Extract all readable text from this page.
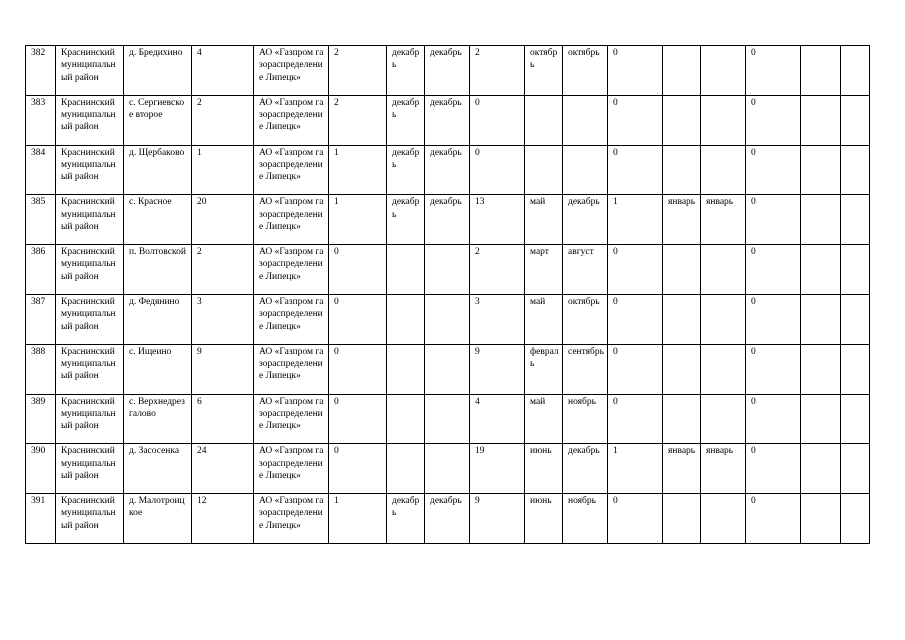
382	Краснинский муниципальный район	д. Бредихино	4	АО «Газпром газораспределение Липецк»	2	декабрь	декабрь	2	октябрь	октябрь	0			0		
383	Краснинский муниципальный район	с. Сергиевское второе	2	АО «Газпром газораспределение Липецк»	2	декабрь	декабрь	0			0			0		
384	Краснинский муниципальный район	д. Щербаково	1	АО «Газпром газораспределение Липецк»	1	декабрь	декабрь	0			0			0		
385	Краснинский муниципальный район	с. Красное	20	АО «Газпром газораспределение Липецк»	1	декабрь	декабрь	13	май	декабрь	1	январь	январь	0		
386	Краснинский муниципальный район	п. Волтовской	2	АО «Газпром газораспределение Липецк»	0			2	март	август	0			0		
387	Краснинский муниципальный район	д. Федянино	3	АО «Газпром газораспределение Липецк»	0			3	май	октябрь	0			0		
388	Краснинский муниципальный район	с. Ищеино	9	АО «Газпром газораспределение Липецк»	0			9	февраль	сентябрь	0			0		
389	Краснинский муниципальный район	с. Верхнедрезгалово	6	АО «Газпром газораспределение Липецк»	0			4	май	ноябрь	0			0		
390	Краснинский муниципальный район	д. Засосенка	24	АО «Газпром газораспределение Липецк»	0			19	июнь	декабрь	1	январь	январь	0		
391	Краснинский муниципальный район	д. Малотроицкое	12	АО «Газпром газораспределение Липецк»	1	декабрь	декабрь	9	июнь	ноябрь	0			0		
